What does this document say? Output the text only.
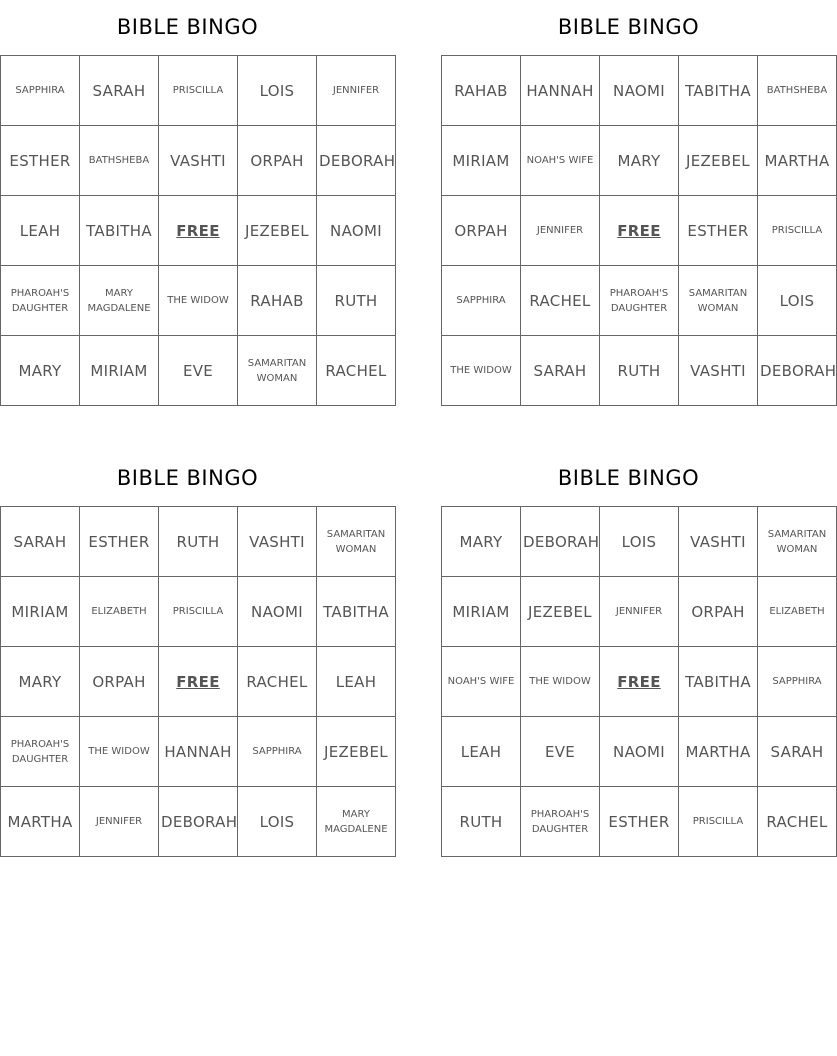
BIBLE BINGO
SAPPHIRA	SARAH	PRISCILLA	LOIS	JENNIFER
ESTHER	BATHSHEBA	VASHTI	ORPAH	DEBORAH
LEAH	TABITHA	FREE	JEZEBEL	NAOMI
PHAROAH'S DAUGHTER	MARY MAGDALENE	THE WIDOW	RAHAB	RUTH
MARY	MIRIAM	EVE	SAMARITAN WOMAN	RACHEL
BIBLE BINGO
RAHAB	HANNAH	NAOMI	TABITHA	BATHSHEBA
MIRIAM	NOAH'S WIFE	MARY	JEZEBEL	MARTHA
ORPAH	JENNIFER	FREE	ESTHER	PRISCILLA
SAPPHIRA	RACHEL	PHAROAH'S DAUGHTER	SAMARITAN WOMAN	LOIS
THE WIDOW	SARAH	RUTH	VASHTI	DEBORAH
BIBLE BINGO
SARAH	ESTHER	RUTH	VASHTI	SAMARITAN WOMAN
MIRIAM	ELIZABETH	PRISCILLA	NAOMI	TABITHA
MARY	ORPAH	FREE	RACHEL	LEAH
PHAROAH'S DAUGHTER	THE WIDOW	HANNAH	SAPPHIRA	JEZEBEL
MARTHA	JENNIFER	DEBORAH	LOIS	MARY MAGDALENE
BIBLE BINGO
MARY	DEBORAH	LOIS	VASHTI	SAMARITAN WOMAN
MIRIAM	JEZEBEL	JENNIFER	ORPAH	ELIZABETH
NOAH'S WIFE	THE WIDOW	FREE	TABITHA	SAPPHIRA
LEAH	EVE	NAOMI	MARTHA	SARAH
RUTH	PHAROAH'S DAUGHTER	ESTHER	PRISCILLA	RACHEL
